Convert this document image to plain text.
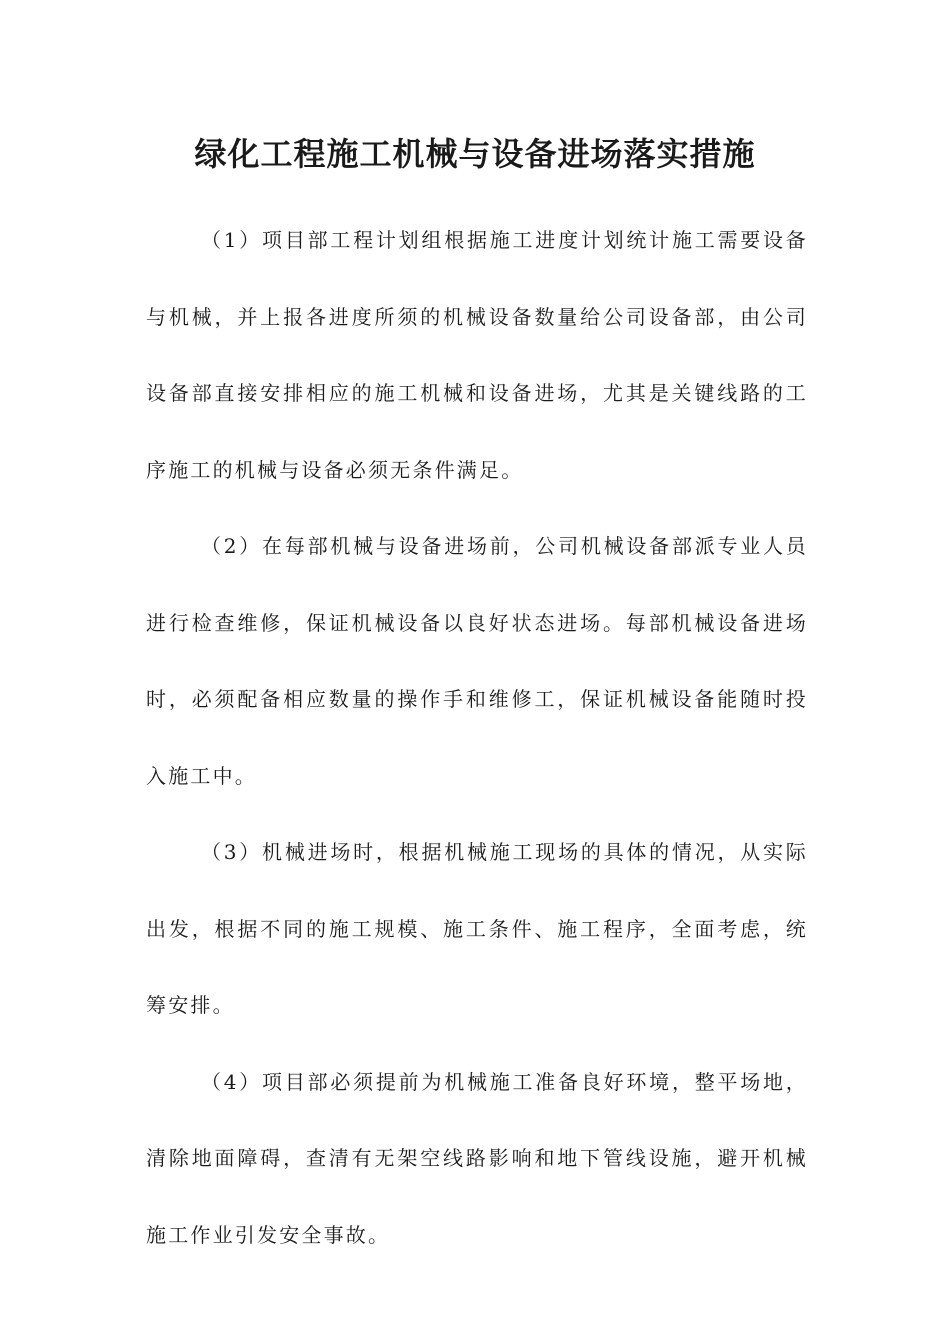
绿化工程施工机械与设备进场落实措施

（1）项目部工程计划组根据施工进度计划统计施工需要设备与机械，并上报各进度所须的机械设备数量给公司设备部，由公司设备部直接安排相应的施工机械和设备进场，尤其是关键线路的工序施工的机械与设备必须无条件满足。

（2）在每部机械与设备进场前，公司机械设备部派专业人员进行检查维修，保证机械设备以良好状态进场。每部机械设备进场时，必须配备相应数量的操作手和维修工，保证机械设备能随时投入施工中。

（3）机械进场时，根据机械施工现场的具体的情况，从实际出发，根据不同的施工规模、施工条件、施工程序，全面考虑，统筹安排。

（4）项目部必须提前为机械施工准备良好环境，整平场地，清除地面障碍，查清有无架空线路影响和地下管线设施，避开机械施工作业引发安全事故。
